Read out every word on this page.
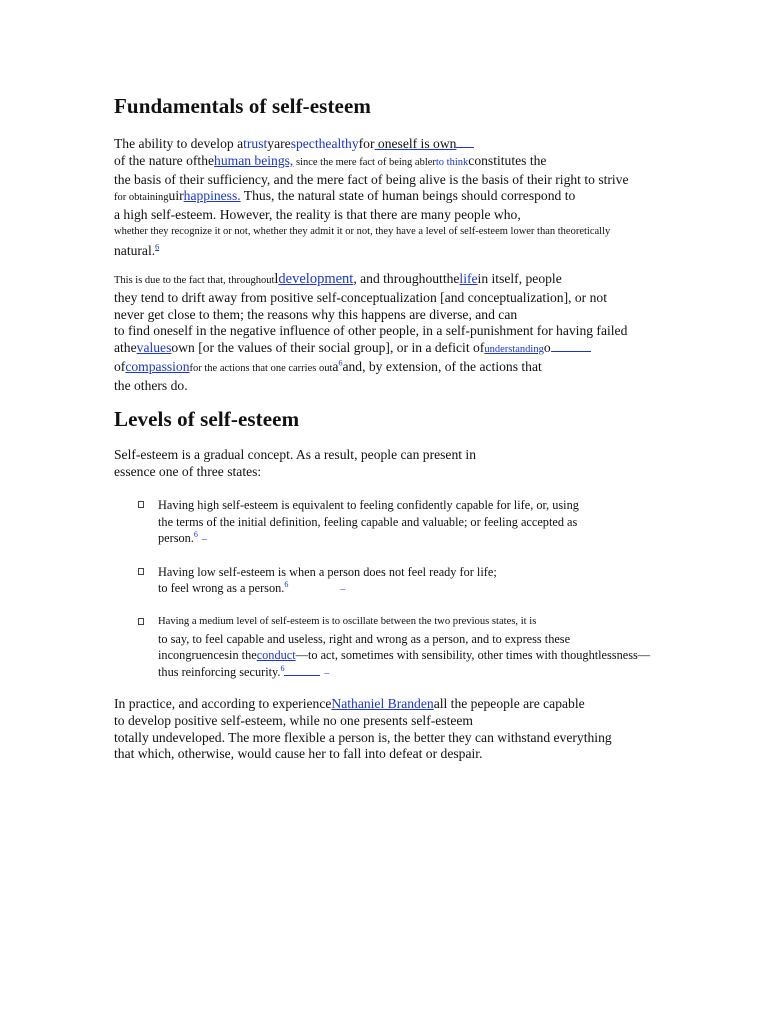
Fundamentals of self-esteem
The ability to develop atrustyarespecthealthyfor oneself is own
of the nature ofthehuman beings, since the mere fact of being ablerto thinkconstitutes the
the basis of their sufficiency, and the mere fact of being alive is the basis of their right to strive
for obtaininguirhappiness. Thus, the natural state of human beings should correspond to
a high self-esteem. However, the reality is that there are many people who,
whether they recognize it or not, whether they admit it or not, they have a level of self-esteem lower than theoretically
natural.$^6$
This is due to the fact that, throughoutldevelopment, and throughoutthelifein itself, people
they tend to drift away from positive self-conceptualization [and conceptualization], or not
never get close to them; the reasons why this happens are diverse, and can
to find oneself in the negative influence of other people, in a self-punishment for having failed
athevaluesown [or the values of their social group], or in a deficit ofunderstandingo
ofcompassionfor the actions that one carries outa$^6$and, by extension, of the actions that
the others do.
Levels of self-esteem
Self-esteem is a gradual concept. As a result, people can present in
essence one of three states:
Having high self-esteem is equivalent to feeling confidently capable for life, or, using
the terms of the initial definition, feeling capable and valuable; or feeling accepted as
person.$^6$ –
Having low self-esteem is when a person does not feel ready for life;
to feel wrong as a person.$^6$	–
Having a medium level of self-esteem is to oscillate between the two previous states, it is
to say, to feel capable and useless, right and wrong as a person, and to express these
incongruencesin theconduct—to act, sometimes with sensibility, other times with thoughtlessness—
thus reinforcing security.$^6$	–
In practice, and according to experienceNathaniel Brandenall the pepeople are capable
to develop positive self-esteem, while no one presents self-esteem
totally undeveloped. The more flexible a person is, the better they can withstand everything
that which, otherwise, would cause her to fall into defeat or despair.
